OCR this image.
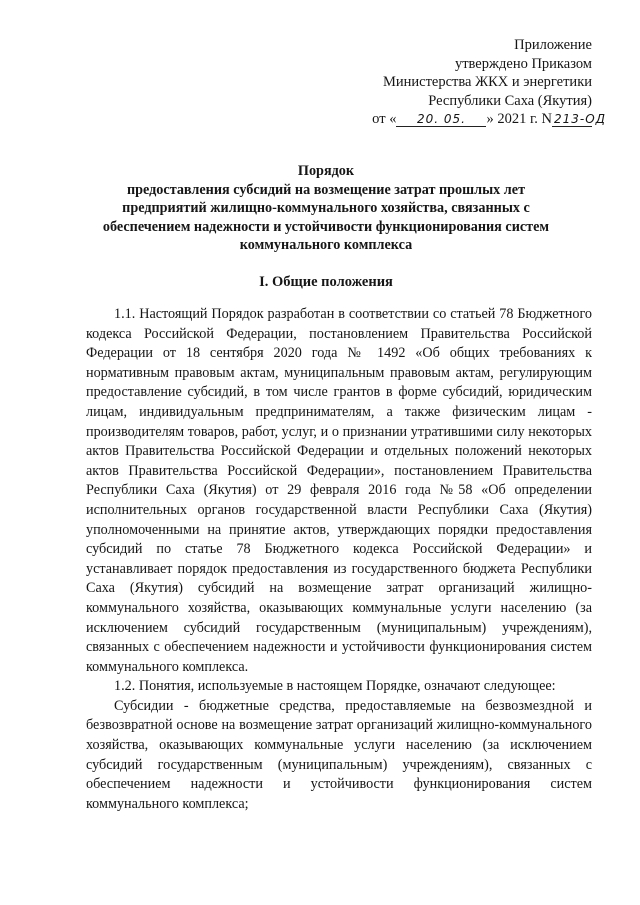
Приложение
утверждено Приказом
Министерства ЖКХ и энергетики
Республики Саха (Якутия)
от « 20. 05. » 2021 г. N 213-ОД
Порядок
предоставления субсидий на возмещение затрат прошлых лет
предприятий жилищно-коммунального хозяйства, связанных с
обеспечением надежности и устойчивости функционирования систем
коммунального комплекса
I. Общие положения

1.1. Настоящий Порядок разработан в соответствии со статьей 78 Бюджетного кодекса Российской Федерации, постановлением Правительства Российской Федерации от 18 сентября 2020 года № 1492 «Об общих требованиях к нормативным правовым актам, муниципальным правовым актам, регулирующим предоставление субсидий, в том числе грантов в форме субсидий, юридическим лицам, индивидуальным предпринимателям, а также физическим лицам - производителям товаров, работ, услуг, и о признании утратившими силу некоторых актов Правительства Российской Федерации и отдельных положений некоторых актов Правительства Российской Федерации», постановлением Правительства Республики Саха (Якутия) от 29 февраля 2016 года №58 «Об определении исполнительных органов государственной власти Республики Саха (Якутия) уполномоченными на принятие актов, утверждающих порядки предоставления субсидий по статье 78 Бюджетного кодекса Российской Федерации» и устанавливает порядок предоставления из государственного бюджета Республики Саха (Якутия) субсидий на возмещение затрат организаций жилищно-коммунального хозяйства, оказывающих коммунальные услуги населению (за исключением субсидий государственным (муниципальным) учреждениям), связанных с обеспечением надежности и устойчивости функционирования систем коммунального комплекса.

1.2. Понятия, используемые в настоящем Порядке, означают следующее:

Субсидии - бюджетные средства, предоставляемые на безвозмездной и безвозвратной основе на возмещение затрат организаций жилищно-коммунального хозяйства, оказывающих коммунальные услуги населению (за исключением субсидий государственным (муниципальным) учреждениям), связанных с обеспечением надежности и устойчивости функционирования систем коммунального комплекса;
